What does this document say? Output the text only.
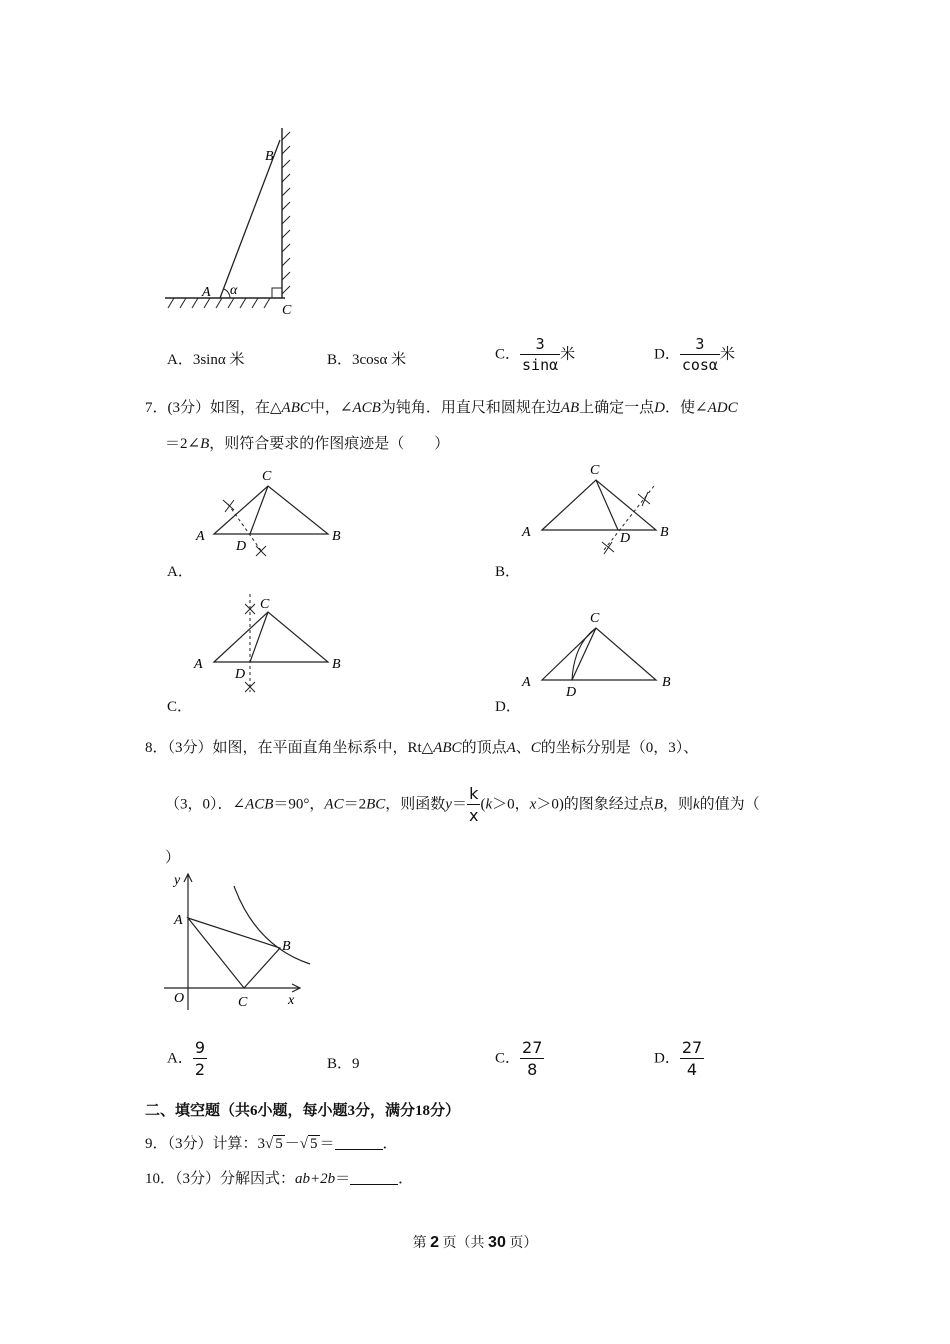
B
A α
C
A．3sinα 米	B．3cosα 米	C． $\frac{3}{\sin\alpha}$ 米	D． $\frac{3}{\cos\alpha}$ 米
7．(3分）如图，在△ABC中，∠ACB为钝角．用直尺和圆规在边AB上确定一点D．使∠ADC
＝2∠B，则符合要求的作图痕迹是（　　）
C
A	B
D
A．
C
A	B
D
B．
C
A	B
D
C．
C
A	B
D
D．
8．（3分）如图，在平面直角坐标系中，Rt△ABC的顶点A、C的坐标分别是（0，3）、
（3，0）．∠ACB＝90°，AC＝2BC，则函数$y= \frac{k}{x} (k>0$，x＞0)的图象经过点B，则k的值为（
）
y
A
B
O	C	x
A． $\frac{9}{2}$	B．9	C． $\frac{27}{8}$	D． $\frac{27}{4}$
二、填空题（共6小题，每小题3分，满分18分）
9．（3分）计算：3√ 5 －√ 5 ＝	．
10．（3分）分解因式：ab+2b＝	．
第 2 页（共 30 页）
